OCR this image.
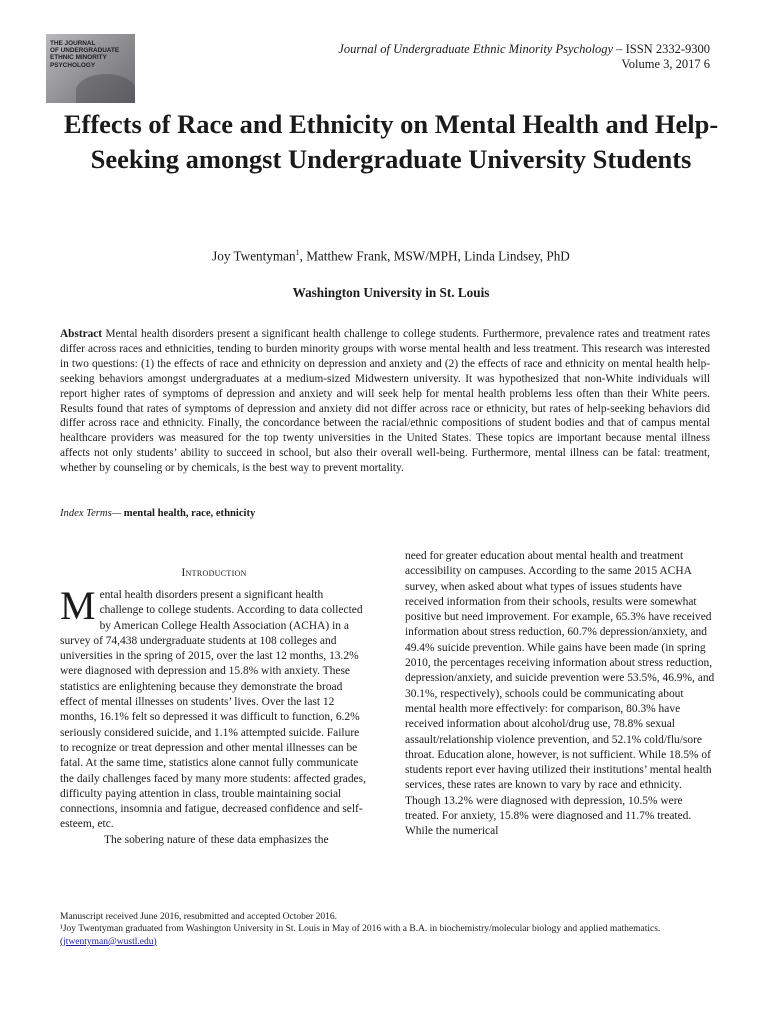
THE JOURNAL
OF UNDERGRADUATE
ETHNIC MINORITY
PSYCHOLOGY
Journal of Undergraduate Ethnic Minority Psychology – ISSN 2332-9300
Volume 3, 2017 6
Effects of Race and Ethnicity on Mental Health and Help-Seeking amongst Undergraduate University Students
Joy Twentyman$^1$, Matthew Frank, MSW/MPH, Linda Lindsey, PhD
Washington University in St. Louis
Abstract Mental health disorders present a significant health challenge to college students. Furthermore, prevalence rates and treatment rates differ across races and ethnicities, tending to burden minority groups with worse mental health and less treatment. This research was interested in two questions: (1) the effects of race and ethnicity on depression and anxiety and (2) the effects of race and ethnicity on mental health help-seeking behaviors amongst undergraduates at a medium-sized Midwestern university. It was hypothesized that non-White individuals will report higher rates of symptoms of depression and anxiety and will seek help for mental health problems less often than their White peers. Results found that rates of symptoms of depression and anxiety did not differ across race or ethnicity, but rates of help-seeking behaviors did differ across race and ethnicity. Finally, the concordance between the racial/ethnic compositions of student bodies and that of campus mental healthcare providers was measured for the top twenty universities in the United States. These topics are important because mental illness affects not only students’ ability to succeed in school, but also their overall well-being. Furthermore, mental illness can be fatal: treatment, whether by counseling or by chemicals, is the best way to prevent mortality.
Index Terms— mental health, race, ethnicity
Introduction
Mental health disorders present a significant health challenge to college students. According to data collected by American College Health Association (ACHA) in a survey of 74,438 undergraduate students at 108 colleges and universities in the spring of 2015, over the last 12 months, 13.2% were diagnosed with depression and 15.8% with anxiety. These statistics are enlightening because they demonstrate the broad effect of mental illnesses on students’ lives. Over the last 12 months, 16.1% felt so depressed it was difficult to function, 6.2% seriously considered suicide, and 1.1% attempted suicide. Failure to recognize or treat depression and other mental illnesses can be fatal. At the same time, statistics alone cannot fully communicate the daily challenges faced by many more students: affected grades, difficulty paying attention in class, trouble maintaining social connections, insomnia and fatigue, decreased confidence and self-esteem, etc.
The sobering nature of these data emphasizes the
need for greater education about mental health and treatment accessibility on campuses. According to the same 2015 ACHA survey, when asked about what types of issues students have received information from their schools, results were somewhat positive but need improvement. For example, 65.3% have received information about stress reduction, 60.7% depression/anxiety, and 49.4% suicide prevention. While gains have been made (in spring 2010, the percentages receiving information about stress reduction, depression/anxiety, and suicide prevention were 53.5%, 46.9%, and 30.1%, respectively), schools could be communicating about mental health more effectively: for comparison, 80.3% have received information about alcohol/drug use, 78.8% sexual assault/relationship violence prevention, and 52.1% cold/flu/sore throat. Education alone, however, is not sufficient. While 18.5% of students report ever having utilized their institutions’ mental health services, these rates are known to vary by race and ethnicity. Though 13.2% were diagnosed with depression, 10.5% were treated. For anxiety, 15.8% were diagnosed and 11.7% treated. While the numerical
Manuscript received June 2016, resubmitted and accepted October 2016.
¹Joy Twentyman graduated from Washington University in St. Louis in May of 2016 with a B.A. in biochemistry/molecular biology and applied mathematics.
(jtwentyman@wustl.edu)
